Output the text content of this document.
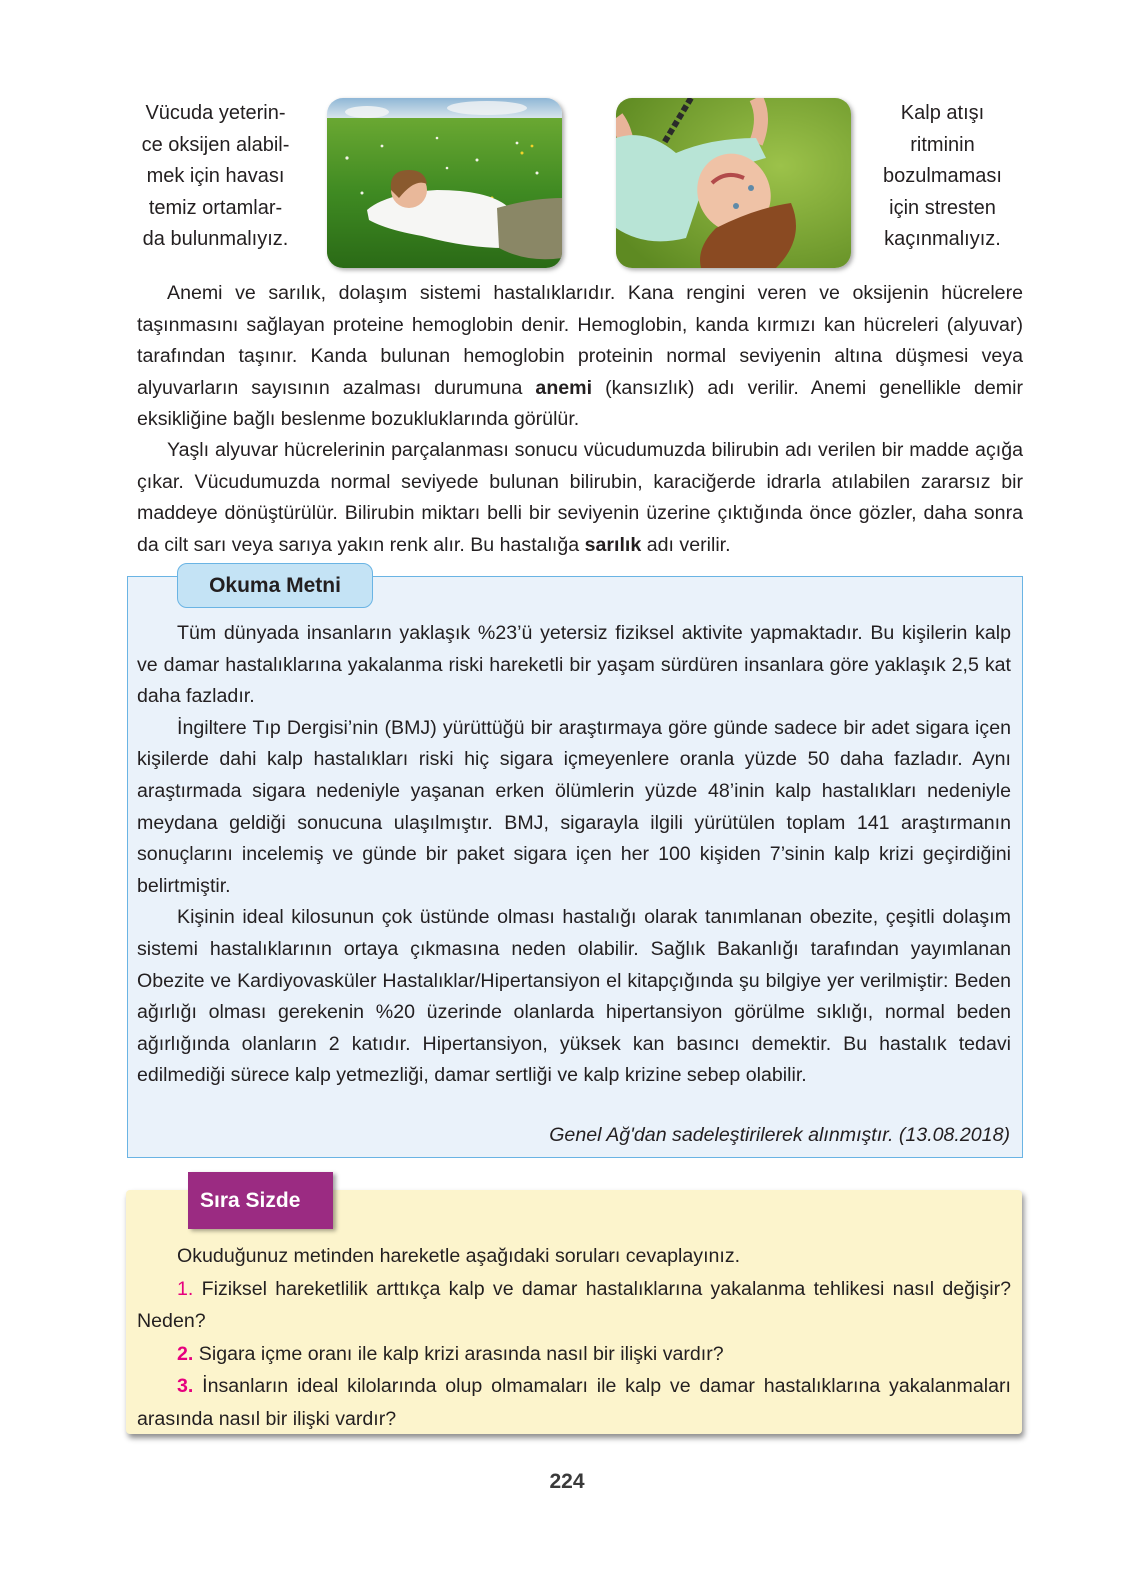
Vücuda yeterin-
ce oksijen alabil-
mek için havası
temiz ortamlar-
da bulunmalıyız.
Kalp atışı
ritminin
bozulmaması
için stresten
kaçınmalıyız.

Anemi ve sarılık, dolaşım sistemi hastalıklarıdır. Kana rengini veren ve oksijenin hücrelere taşınmasını sağlayan proteine hemoglobin denir. Hemoglobin, kanda kırmızı kan hücreleri (alyuvar) tarafından taşınır. Kanda bulunan hemoglobin proteinin normal seviyenin altına düşmesi veya alyuvarların sayısının azalması durumuna anemi (kansızlık) adı verilir. Anemi genellikle demir eksikliğine bağlı beslenme bozukluklarında görülür.

Yaşlı alyuvar hücrelerinin parçalanması sonucu vücudumuzda bilirubin adı verilen bir madde açığa çıkar. Vücudumuzda normal seviyede bulunan bilirubin, karaciğerde idrarla atılabilen zararsız bir maddeye dönüştürülür. Bilirubin miktarı belli bir seviyenin üzerine çıktığında önce gözler, daha sonra da cilt sarı veya sarıya yakın renk alır. Bu hastalığa sarılık adı verilir.

Okuma Metni

Tüm dünyada insanların yaklaşık %23’ü yetersiz fiziksel aktivite yapmaktadır. Bu kişilerin kalp ve damar hastalıklarına yakalanma riski hareketli bir yaşam sürdüren insanlara göre yaklaşık 2,5 kat daha fazladır.

İngiltere Tıp Dergisi’nin (BMJ) yürüttüğü bir araştırmaya göre günde sadece bir adet sigara içen kişilerde dahi kalp hastalıkları riski hiç sigara içmeyenlere oranla yüzde 50 daha fazladır. Aynı araştırmada sigara nedeniyle yaşanan erken ölümlerin yüzde 48’inin kalp hastalıkları nedeniyle meydana geldiği sonucuna ulaşılmıştır. BMJ, sigarayla ilgili yürütülen toplam 141 araştırmanın sonuçlarını incelemiş ve günde bir paket sigara içen her 100 kişiden 7’sinin kalp krizi geçirdiğini belirtmiştir.

Kişinin ideal kilosunun çok üstünde olması hastalığı olarak tanımlanan obezite, çeşitli dolaşım sistemi hastalıklarının ortaya çıkmasına neden olabilir. Sağlık Bakanlığı tarafından yayımlanan Obezite ve Kardiyovasküler Hastalıklar/Hipertansiyon el kitapçığında şu bilgiye yer verilmiştir: Beden ağırlığı olması gerekenin %20 üzerinde olanlarda hipertansiyon görülme sıklığı, normal beden ağırlığında olanların 2 katıdır. Hipertansiyon, yüksek kan basıncı demektir. Bu hastalık tedavi edilmediği sürece kalp yetmezliği, damar sertliği ve kalp krizine sebep olabilir.

Genel Ağ'dan sadeleştirilerek alınmıştır. (13.08.2018)
Sıra Sizde

Okuduğunuz metinden hareketle aşağıdaki soruları cevaplayınız.

1. Fiziksel hareketlilik arttıkça kalp ve damar hastalıklarına yakalanma tehlikesi nasıl değişir? Neden?

2. Sigara içme oranı ile kalp krizi arasında nasıl bir ilişki vardır?

3. İnsanların ideal kilolarında olup olmamaları ile kalp ve damar hastalıklarına yakalanmaları arasında nasıl bir ilişki vardır?

224
